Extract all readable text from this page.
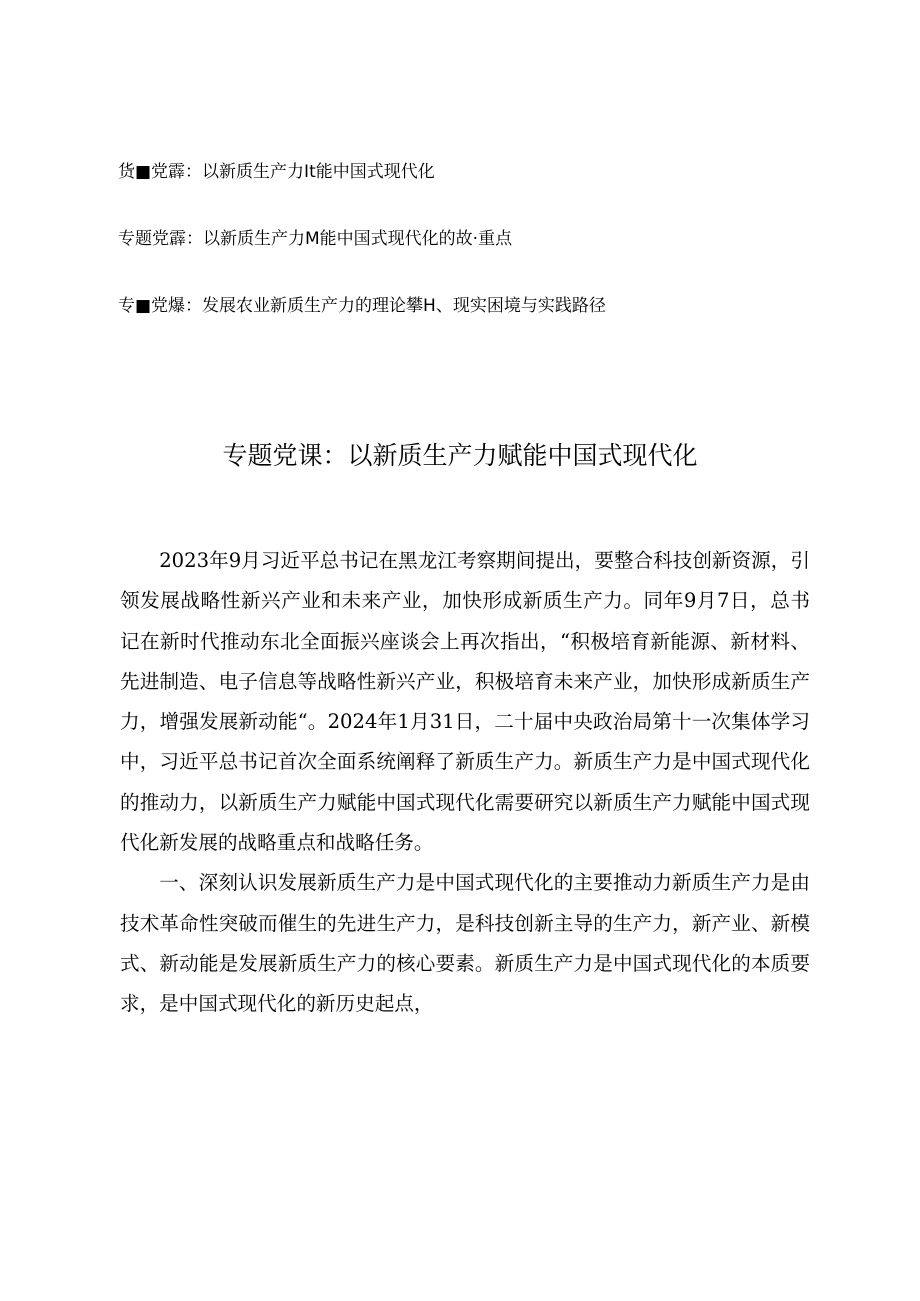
货■党霹：以新质生产力It能中国式现代化
专题党霹：以新质生产力M能中国式现代化的故·重点
专■党爆：发展农业新质生产力的理论攀H、现实困境与实践路径
专题党课：以新质生产力赋能中国式现代化

2023年9月习近平总书记在黑龙江考察期间提出，要整合科技创新资源，引领发展战略性新兴产业和未来产业，加快形成新质生产力。同年9月7日，总书记在新时代推动东北全面振兴座谈会上再次指出，“积极培育新能源、新材料、先进制造、电子信息等战略性新兴产业，积极培育未来产业，加快形成新质生产力，增强发展新动能“。2024年1月31日，二十届中央政治局第十一次集体学习中，习近平总书记首次全面系统阐释了新质生产力。新质生产力是中国式现代化的推动力，以新质生产力赋能中国式现代化需要研究以新质生产力赋能中国式现代化新发展的战略重点和战略任务。

一、深刻认识发展新质生产力是中国式现代化的主要推动力新质生产力是由技术革命性突破而催生的先进生产力，是科技创新主导的生产力，新产业、新模式、新动能是发展新质生产力的核心要素。新质生产力是中国式现代化的本质要求，是中国式现代化的新历史起点，
